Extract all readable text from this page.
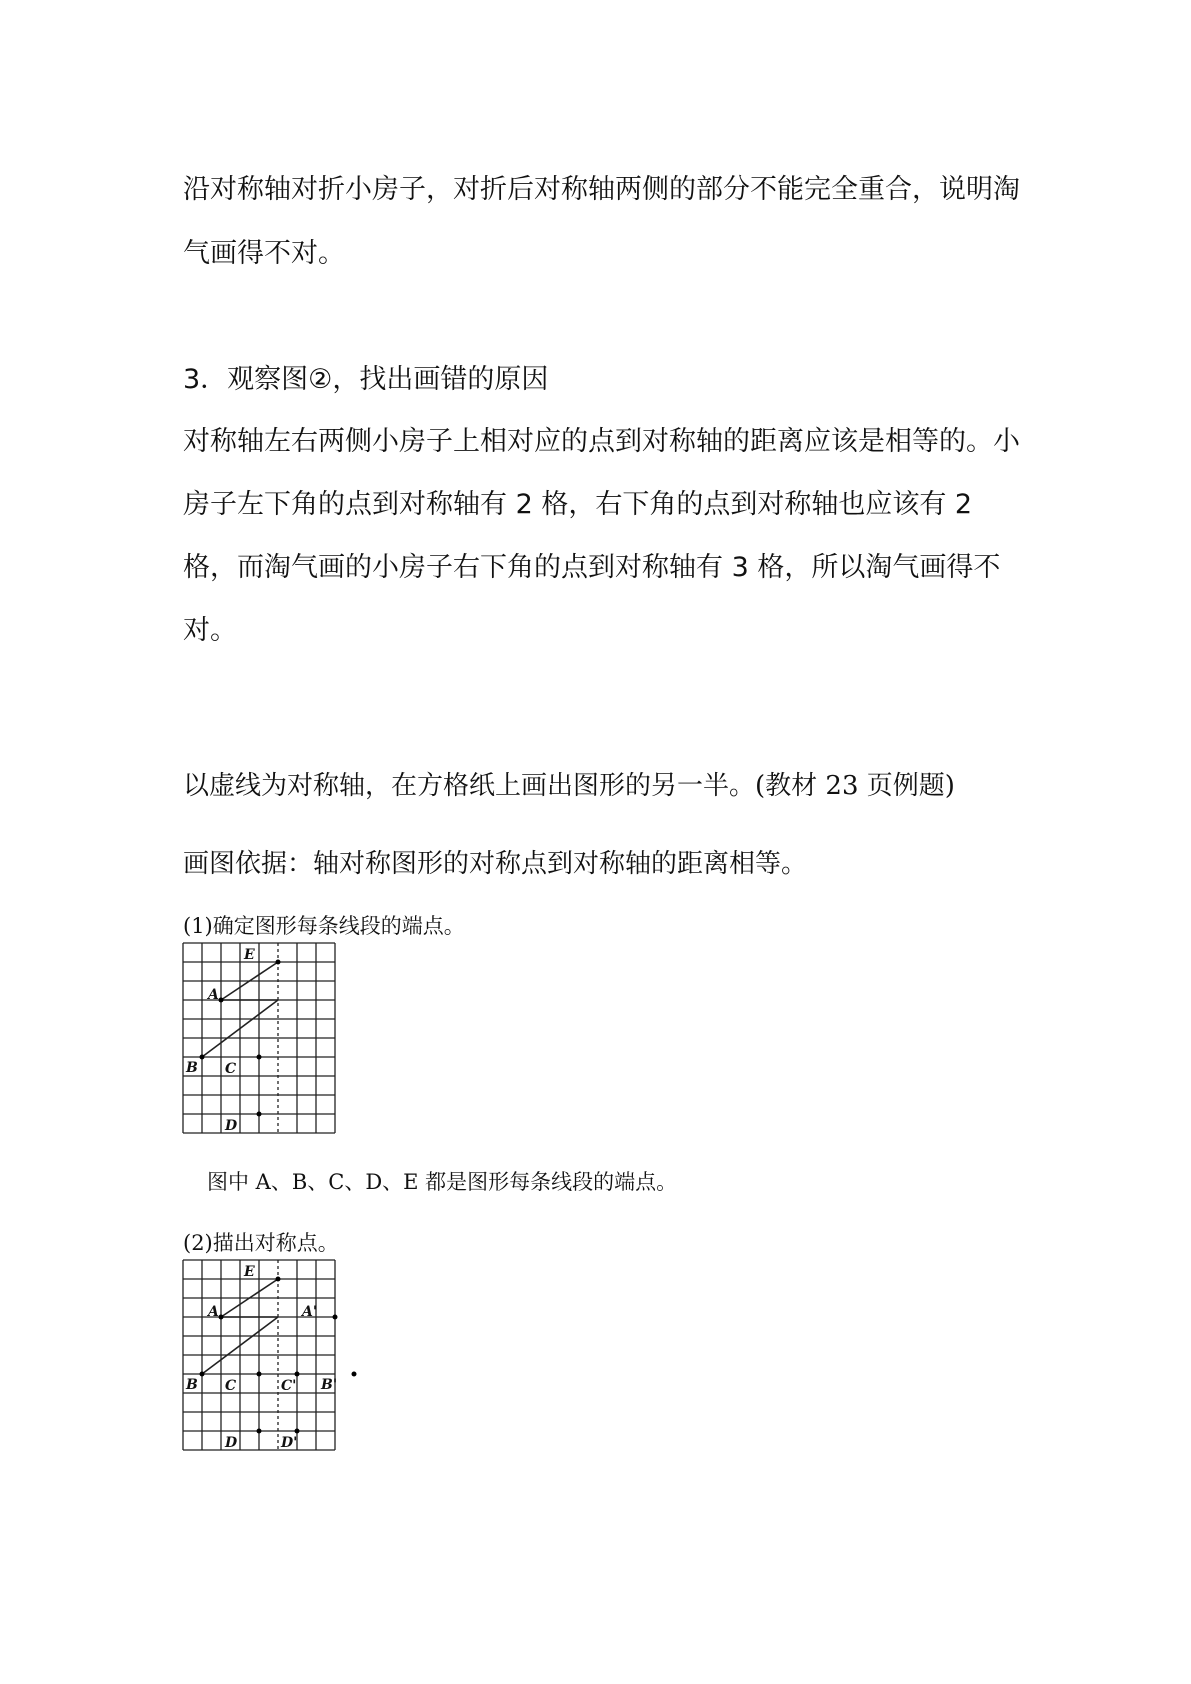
沿对称轴对折小房子，对折后对称轴两侧的部分不能完全重合，说明淘气画得不对。

3．观察图②，找出画错的原因

对称轴左右两侧小房子上相对应的点到对称轴的距离应该是相等的。小房子左下角的点到对称轴有 2 格，右下角的点到对称轴也应该有 2 格，而淘气画的小房子右下角的点到对称轴有 3 格，所以淘气画得不对。

以虚线为对称轴，在方格纸上画出图形的另一半。(教材 23 页例题)

画图依据：轴对称图形的对称点到对称轴的距离相等。

(1)确定图形每条线段的端点。

E
A
B C
D

图中 A、B、C、D、E 都是图形每条线段的端点。

(2)描出对称点。

E
A	A'
B	B'
C	C'
D	D'
